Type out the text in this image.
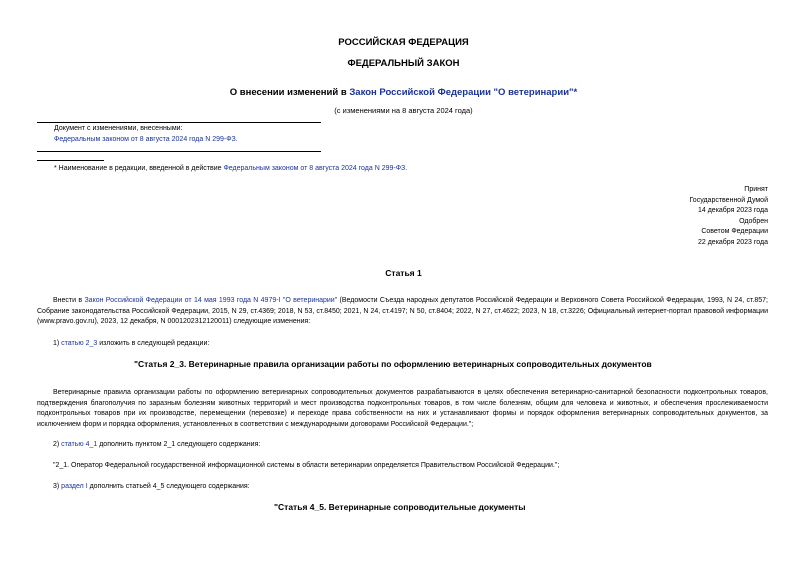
РОССИЙСКАЯ ФЕДЕРАЦИЯ
ФЕДЕРАЛЬНЫЙ ЗАКОН
О внесении изменений в Закон Российской Федерации "О ветеринарии"*
(с изменениями на 8 августа 2024 года)
Документ с изменениями, внесенными:
Федеральным законом от 8 августа 2024 года N 299-ФЗ.
* Наименование в редакции, введенной в действие Федеральным законом от 8 августа 2024 года N 299-ФЗ.
Принят
Государственной Думой
14 декабря 2023 года
Одобрен
Советом Федерации
22 декабря 2023 года
Статья 1
Внести в Закон Российской Федерации от 14 мая 1993 года N 4979-I "О ветеринарии" (Ведомости Съезда народных депутатов Российской Федерации и Верховного Совета Российской Федерации, 1993, N 24, ст.857; Собрание законодательства Российской Федерации, 2015, N 29, ст.4369; 2018, N 53, ст.8450; 2021, N 24, ст.4197; N 50, ст.8404; 2022, N 27, ст.4622; 2023, N 18, ст.3226; Официальный интернет-портал правовой информации (www.pravo.gov.ru), 2023, 12 декабря, N 0001202312120011) следующие изменения:
1) статью 2_3 изложить в следующей редакции:
"Статья 2_3. Ветеринарные правила организации работы по оформлению ветеринарных сопроводительных документов
Ветеринарные правила организации работы по оформлению ветеринарных сопроводительных документов разрабатываются в целях обеспечения ветеринарно-санитарной безопасности подконтрольных товаров, подтверждения благополучия по заразным болезням животных территорий и мест производства подконтрольных товаров, в том числе болезням, общим для человека и животных, и обеспечения прослеживаемости подконтрольных товаров при их производстве, перемещении (перевозке) и переходе права собственности на них и устанавливают формы и порядок оформления ветеринарных сопроводительных документов, за исключением форм и порядка оформления, установленных в соответствии с международными договорами Российской Федерации.";
2) статью 4_1 дополнить пунктом 2_1 следующего содержания:
"2_1. Оператор Федеральной государственной информационной системы в области ветеринарии определяется Правительством Российской Федерации.";
3) раздел I дополнить статьей 4_5 следующего содержания:
"Статья 4_5. Ветеринарные сопроводительные документы
